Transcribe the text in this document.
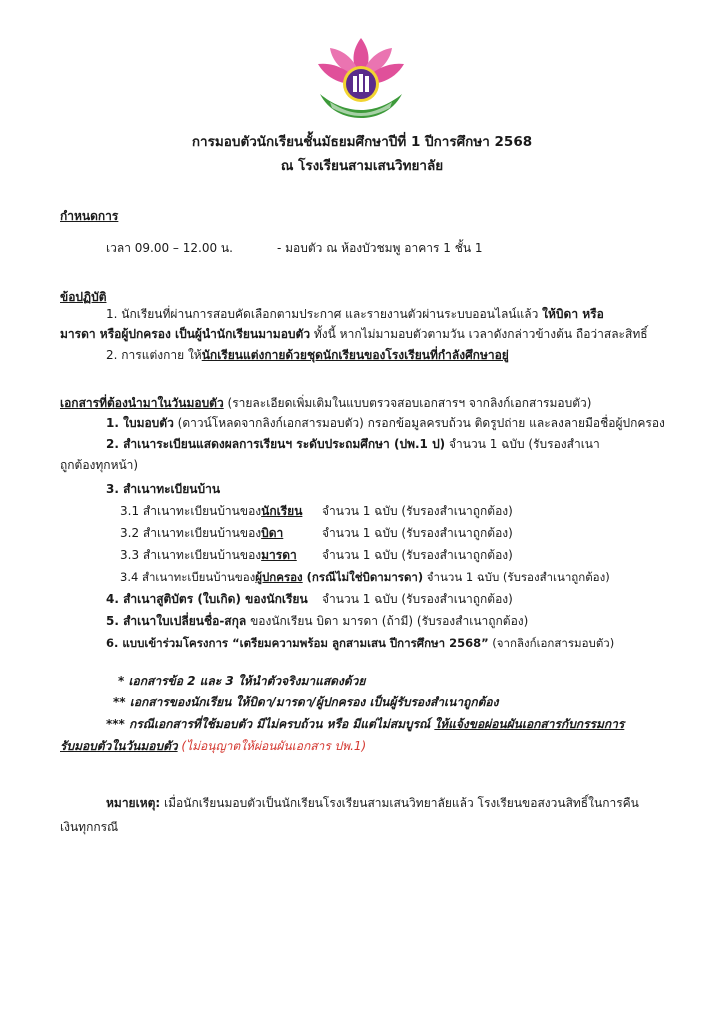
การมอบตัวนักเรียนชั้นมัธยมศึกษาปีที่ 1 ปีการศึกษา 2568
ณ โรงเรียนสามเสนวิทยาลัย
กำหนดการ
เวลา 09.00 – 12.00 น.	- มอบตัว ณ ห้องบัวชมพู อาคาร 1 ชั้น 1
ข้อปฏิบัติ
1. นักเรียนที่ผ่านการสอบคัดเลือกตามประกาศ และรายงานตัวผ่านระบบออนไลน์แล้ว ให้บิดา หรือ
มารดา หรือผู้ปกครอง เป็นผู้นำนักเรียนมามอบตัว ทั้งนี้ หากไม่มามอบตัวตามวัน เวลาดังกล่าวข้างต้น ถือว่าสละสิทธิ์
2. การแต่งกาย ให้นักเรียนแต่งกายด้วยชุดนักเรียนของโรงเรียนที่กำลังศึกษาอยู่
เอกสารที่ต้องนำมาในวันมอบตัว (รายละเอียดเพิ่มเติมในแบบตรวจสอบเอกสารฯ จากลิงก์เอกสารมอบตัว)
1. ใบมอบตัว (ดาวน์โหลดจากลิงก์เอกสารมอบตัว) กรอกข้อมูลครบถ้วน ติดรูปถ่าย และลงลายมือชื่อผู้ปกครอง
2. สำเนาระเบียนแสดงผลการเรียนฯ ระดับประถมศึกษา (ปพ.1 ป) จำนวน 1 ฉบับ (รับรองสำเนา
ถูกต้องทุกหน้า)
3. สำเนาทะเบียนบ้าน
3.1 สำเนาทะเบียนบ้านของนักเรียน จำนวน 1 ฉบับ (รับรองสำเนาถูกต้อง)
3.2 สำเนาทะเบียนบ้านของบิดา	จำนวน 1 ฉบับ (รับรองสำเนาถูกต้อง)
3.3 สำเนาทะเบียนบ้านของมารดา จำนวน 1 ฉบับ (รับรองสำเนาถูกต้อง)
3.4 สำเนาทะเบียนบ้านของผู้ปกครอง (กรณีไม่ใช่บิดามารดา) จำนวน 1 ฉบับ (รับรองสำเนาถูกต้อง)
4. สำเนาสูติบัตร (ใบเกิด) ของนักเรียน จำนวน 1 ฉบับ (รับรองสำเนาถูกต้อง)
5. สำเนาใบเปลี่ยนชื่อ-สกุล ของนักเรียน บิดา มารดา (ถ้ามี) (รับรองสำเนาถูกต้อง)
6. แบบเข้าร่วมโครงการ “เตรียมความพร้อม ลูกสามเสน ปีการศึกษา 2568” (จากลิงก์เอกสารมอบตัว)
* เอกสารข้อ 2 และ 3 ให้นำตัวจริงมาแสดงด้วย
** เอกสารของนักเรียน ให้บิดา/มารดา/ผู้ปกครอง เป็นผู้รับรองสำเนาถูกต้อง
*** กรณีเอกสารที่ใช้มอบตัว มีไม่ครบถ้วน หรือ มีแต่ไม่สมบูรณ์ ให้แจ้งขอผ่อนผันเอกสารกับกรรมการ
รับมอบตัวในวันมอบตัว (ไม่อนุญาตให้ผ่อนผันเอกสาร ปพ.1)
หมายเหตุ: เมื่อนักเรียนมอบตัวเป็นนักเรียนโรงเรียนสามเสนวิทยาลัยแล้ว โรงเรียนขอสงวนสิทธิ์ในการคืน
เงินทุกกรณี
